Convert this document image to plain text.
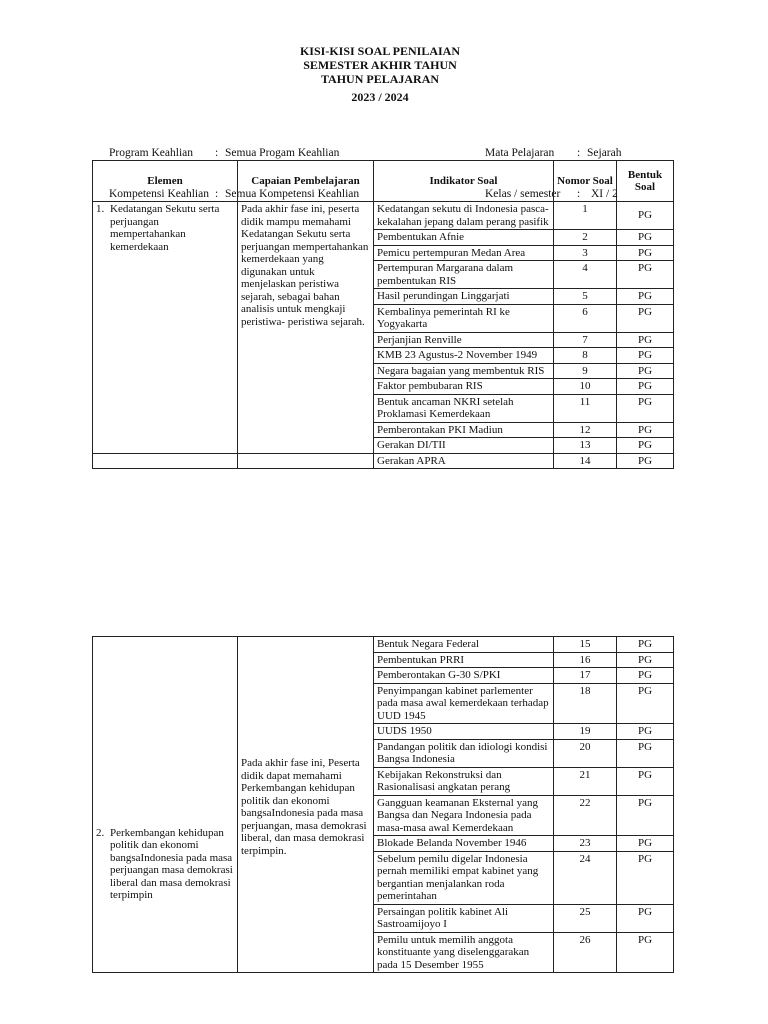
KISI-KISI SOAL PENILAIAN
SEMESTER AKHIR TAHUN
TAHUN PELAJARAN
2023 / 2024

Program Keahlian	: Semua Progam Keahlian

Kompetensi Keahlian : Semua Kompetensi Keahlian

Mata Pelajaran	: Sejarah

Kelas / semester	: XI / 2

Elemen	Capaian Pembelajaran	Indikator Soal	Nomor Soal	Bentuk Soal

1. Kedatangan Sekutu serta perjuangan mempertahankan kemerdekaan	Pada akhir fase ini, peserta didik mampu memahami Kedatangan Sekutu serta perjuangan mempertahankan kemerdekaan yang digunakan untuk menjelaskan peristiwa sejarah, sebagai bahan analisis untuk mengkaji peristiwa- peristiwa sejarah.	Kedatangan sekutu di Indonesia pasca-kekalahan jepang dalam perang pasifik	1	PG
		Pembentukan Afnie	2	PG
		Pemicu pertempuran Medan Area	3	PG
		Pertempuran Margarana dalam pembentukan RIS	4	PG
		Hasil perundingan Linggarjati	5	PG
		Kembalinya pemerintah RI ke Yogyakarta	6	PG
		Perjanjian Renville	7	PG
		KMB 23 Agustus-2 November 1949	8	PG
		Negara bagaian yang membentuk RIS	9	PG
		Faktor pembubaran RIS	10	PG
		Bentuk ancaman NKRI setelah Proklamasi Kemerdekaan	11	PG
		Pemberontakan PKI Madiun	12	PG
		Gerakan DI/TII	13	PG
		Gerakan APRA	14	PG
2. Perkembangan kehidupan politik dan ekonomi bangsaIndonesia pada masa perjuangan masa demokrasi liberal dan masa demokrasi terpimpin	Pada akhir fase ini, Peserta didik dapat memahami Perkembangan kehidupan politik dan ekonomi bangsaIndonesia pada masa perjuangan, masa demokrasi liberal, dan masa demokrasi terpimpin.	Bentuk Negara Federal	15	PG
		Pembentukan PRRI	16	PG
		Pemberontakan G-30 S/PKI	17	PG
		Penyimpangan kabinet parlementer pada masa awal kemerdekaan terhadap UUD 1945	18	PG
		UUDS 1950	19	PG
		Pandangan politik dan idiologi kondisi Bangsa Indonesia	20	PG
		Kebijakan Rekonstruksi dan Rasionalisasi angkatan perang	21	PG
		Gangguan keamanan Eksternal yang Bangsa dan Negara Indonesia pada masa-masa awal Kemerdekaan	22	PG
		Blokade Belanda November 1946	23	PG
		Sebelum pemilu digelar Indonesia pernah memiliki empat kabinet yang bergantian menjalankan roda pemerintahan	24	PG
		Persaingan politik kabinet Ali Sastroamijoyo I	25	PG
		Pemilu untuk memilih anggota konstituante yang diselenggarakan pada 15 Desember 1955	26	PG
